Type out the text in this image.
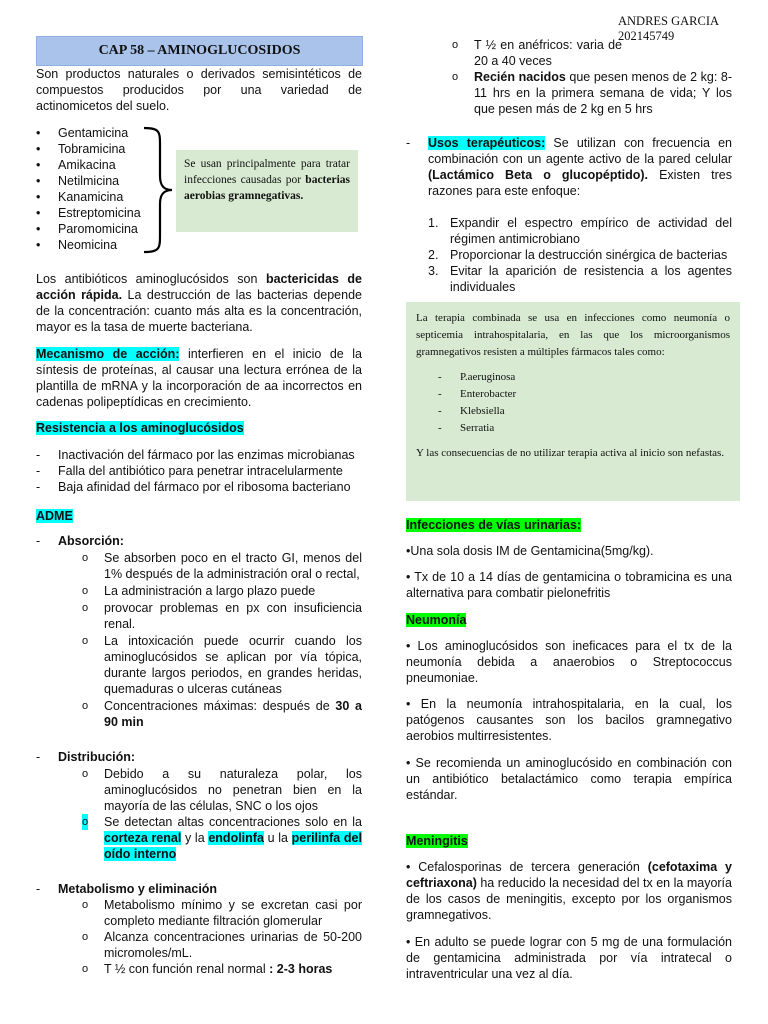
ANDRES GARCIA
202145749
CAP 58 – AMINOGLUCOSIDOS

Son productos naturales o derivados semisintéticos de compuestos producidos por una variedad de actinomicetos del suelo.

• Gentamicina
• Tobramicina
• Amikacina
• Netilmicina
• Kanamicina
• Estreptomicina
• Paromomicina
• Neomicina
Se usan principalmente para tratar infecciones causadas por bacterias aerobias gramnegativas.

Los antibióticos aminoglucósidos son bactericidas de acción rápida. La destrucción de las bacterias depende de la concentración: cuanto más alta es la concentración, mayor es la tasa de muerte bacteriana.

Mecanismo de acción: interfieren en el inicio de la síntesis de proteínas, al causar una lectura errónea de la plantilla de mRNA y la incorporación de aa incorrectos en cadenas polipeptídicas en crecimiento.

Resistencia a los aminoglucósidos
- Inactivación del fármaco por las enzimas microbianas
- Falla del antibiótico para penetrar intracelularmente
- Baja afinidad del fármaco por el ribosoma bacteriano
ADME
- Absorción:
o Se absorben poco en el tracto GI, menos del 1% después de la administración oral o rectal,
o La administración a largo plazo puede
o provocar problemas en px con insuficiencia renal.
o La intoxicación puede ocurrir cuando los aminoglucósidos se aplican por vía tópica, durante largos periodos, en grandes heridas, quemaduras o ulceras cutáneas
o Concentraciones máximas: después de 30 a 90 min
- Distribución:
o Debido a su naturaleza polar, los aminoglucósidos no penetran bien en la mayoría de las células, SNC o los ojos
o Se detectan altas concentraciones solo en la corteza renal y la endolinfa u la perilinfa del oído interno
- Metabolismo y eliminación
o Metabolismo mínimo y se excretan casi por completo mediante filtración glomerular
o Alcanza concentraciones urinarias de 50-200 micromoles/mL.
o T ½ con función renal normal : 2-3 horas
o T ½ en anéfricos: varia de 20 a 40 veces
o Recién nacidos que pesen menos de 2 kg: 8-11 hrs en la primera semana de vida; Y los que pesen más de 2 kg en 5 hrs
- Usos terapéuticos: Se utilizan con frecuencia en combinación con un agente activo de la pared celular (Lactámico Beta o glucopéptido). Existen tres razones para este enfoque:
1. Expandir el espectro empírico de actividad del régimen antimicrobiano
2. Proporcionar la destrucción sinérgica de bacterias
3. Evitar la aparición de resistencia a los agentes individuales

La terapia combinada se usa en infecciones como neumonía o septicemia intrahospitalaria, en las que los microorganismos gramnegativos resisten a múltiples fármacos tales como:

- P.aeruginosa
- Enterobacter
- Klebsiella
- Serratia

Y las consecuencias de no utilizar terapia activa al inicio son nefastas.

Infecciones de vías urinarias:

•Una sola dosis IM de Gentamicina(5mg/kg).

• Tx de 10 a 14 días de gentamicina o tobramicina es una alternativa para combatir pielonefritis

Neumonía

• Los aminoglucósidos son ineficaces para el tx de la neumonía debida a anaerobios o Streptococcus pneumoniae.

• En la neumonía intrahospitalaria, en la cual, los patógenos causantes son los bacilos gramnegativo aerobios multirresistentes.

• Se recomienda un aminoglucósido en combinación con un antibiótico betalactámico como terapia empírica estándar.

Meningitis

• Cefalosporinas de tercera generación (cefotaxima y ceftriaxona) ha reducido la necesidad del tx en la mayoría de los casos de meningitis, excepto por los organismos gramnegativos.

• En adulto se puede lograr con 5 mg de una formulación de gentamicina administrada por vía intratecal o intraventricular una vez al día.
